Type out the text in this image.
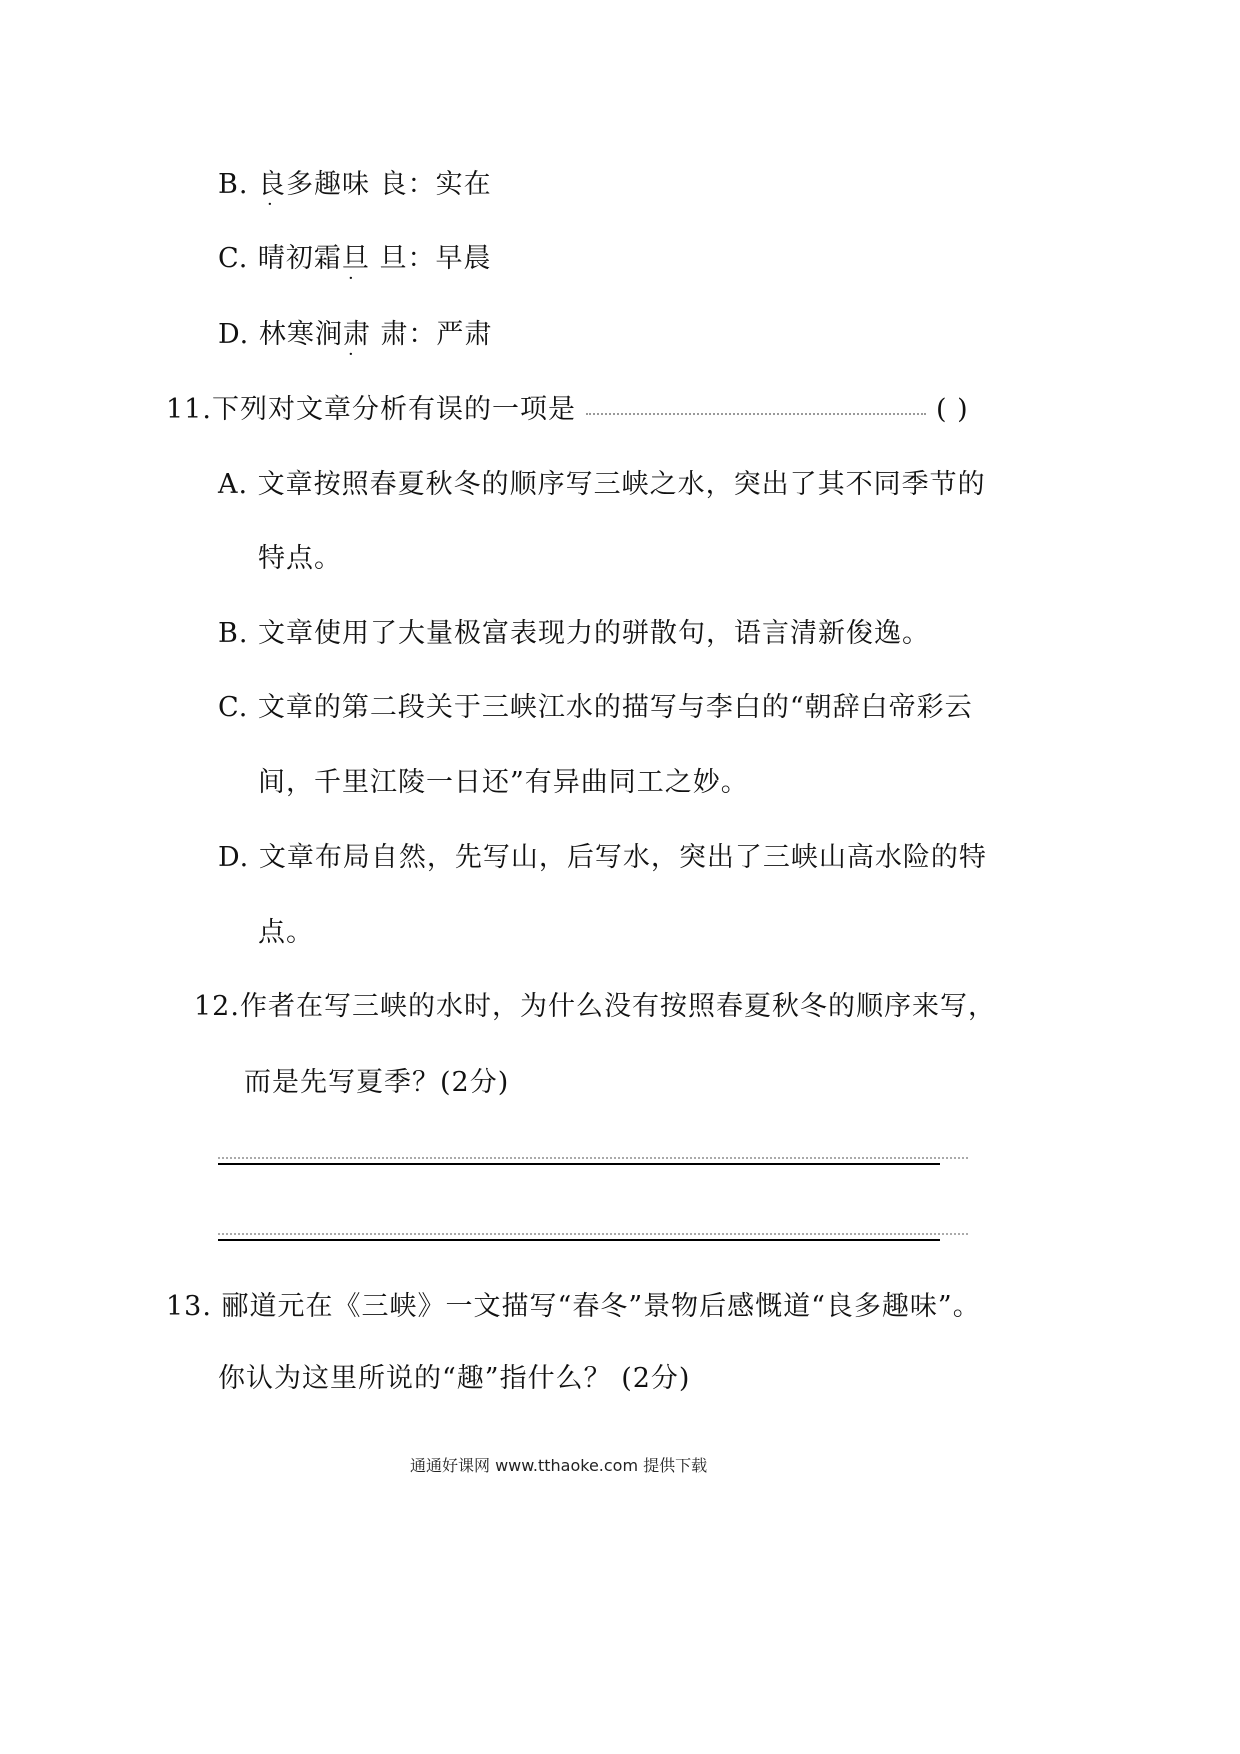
B. 良多趣味 良：实在
·
C. 晴初霜旦 旦：早晨
·
D. 林寒涧肃 肃：严肃
·
11.下列对文章分析有误的一项是	( )
A. 文章按照春夏秋冬的顺序写三峡之水，突出了其不同季节的
特点。
B. 文章使用了大量极富表现力的骈散句，语言清新俊逸。
C. 文章的第二段关于三峡江水的描写与李白的“朝辞白帝彩云
间，千里江陵一日还”有异曲同工之妙。
D. 文章布局自然，先写山，后写水，突出了三峡山高水险的特
点。
12.作者在写三峡的水时，为什么没有按照春夏秋冬的顺序来写，
而是先写夏季？(2分)
13. 郦道元在《三峡》一文描写“春冬”景物后感慨道“良多趣味”。
你认为这里所说的“趣”指什么？ (2分)
通通好课网 www.tthaoke.com 提供下载
